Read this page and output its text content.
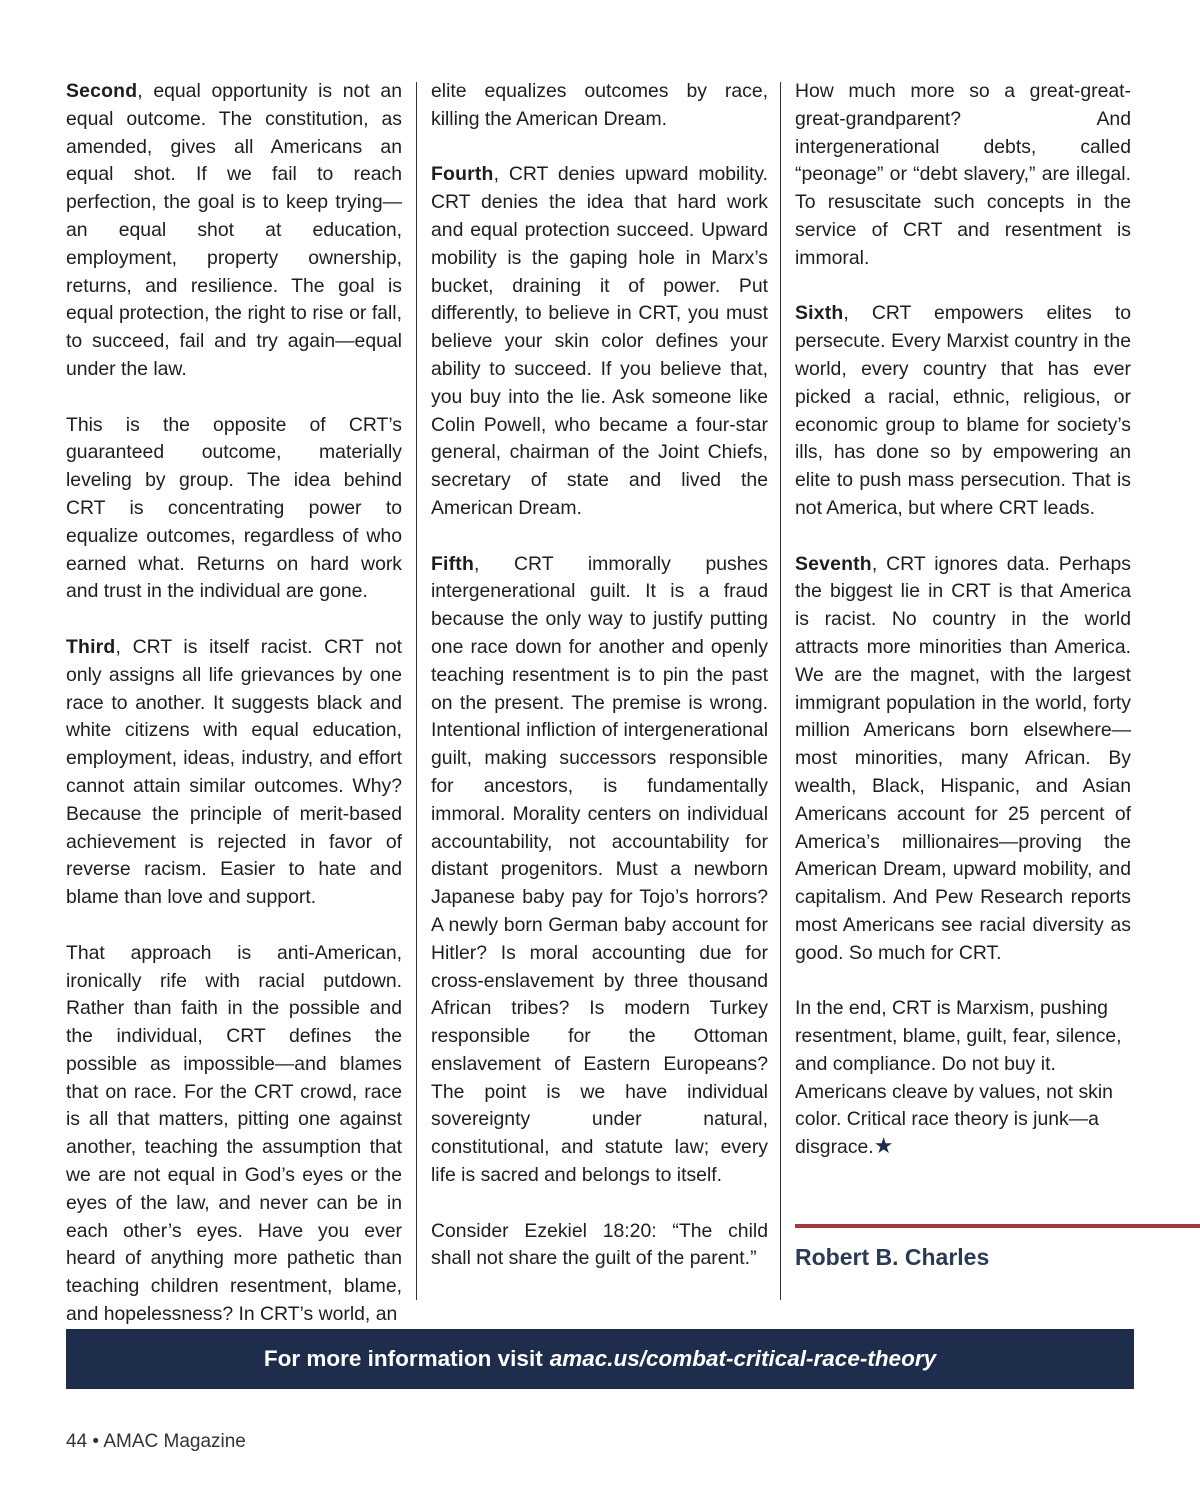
Second, equal opportunity is not an equal outcome. The constitution, as amended, gives all Americans an equal shot. If we fail to reach perfection, the goal is to keep trying—an equal shot at education, employment, property ownership, returns, and resilience. The goal is equal protection, the right to rise or fall, to succeed, fail and try again—equal under the law.

This is the opposite of CRT’s guaranteed outcome, materially leveling by group. The idea behind CRT is concentrating power to equalize outcomes, regardless of who earned what. Returns on hard work and trust in the individual are gone.

Third, CRT is itself racist. CRT not only assigns all life grievances by one race to another. It suggests black and white citizens with equal education, employment, ideas, industry, and effort cannot attain similar outcomes. Why? Because the principle of merit-based achievement is rejected in favor of reverse racism. Easier to hate and blame than love and support.

That approach is anti-American, ironically rife with racial putdown. Rather than faith in the possible and the individual, CRT defines the possible as impossible—and blames that on race. For the CRT crowd, race is all that matters, pitting one against another, teaching the assumption that we are not equal in God’s eyes or the eyes of the law, and never can be in each other’s eyes. Have you ever heard of anything more pathetic than teaching children resentment, blame, and hopelessness? In CRT’s world, an

elite equalizes outcomes by race, killing the American Dream.

Fourth, CRT denies upward mobility. CRT denies the idea that hard work and equal protection succeed. Upward mobility is the gaping hole in Marx’s bucket, draining it of power. Put differently, to believe in CRT, you must believe your skin color defines your ability to succeed. If you believe that, you buy into the lie. Ask someone like Colin Powell, who became a four-star general, chairman of the Joint Chiefs, secretary of state and lived the American Dream.

Fifth, CRT immorally pushes intergenerational guilt. It is a fraud because the only way to justify putting one race down for another and openly teaching resentment is to pin the past on the present. The premise is wrong. Intentional infliction of intergenerational guilt, making successors responsible for ancestors, is fundamentally immoral. Morality centers on individual accountability, not accountability for distant progenitors. Must a newborn Japanese baby pay for Tojo’s horrors? A newly born German baby account for Hitler? Is moral accounting due for cross-enslavement by three thousand African tribes? Is modern Turkey responsible for the Ottoman enslavement of Eastern Europeans? The point is we have individual sovereignty under natural, constitutional, and statute law; every life is sacred and belongs to itself.

Consider Ezekiel 18:20: “The child shall not share the guilt of the parent.”

How much more so a great-great-great-grandparent? And intergenerational debts, called “peonage” or “debt slavery,” are illegal. To resuscitate such concepts in the service of CRT and resentment is immoral.

Sixth, CRT empowers elites to persecute. Every Marxist country in the world, every country that has ever picked a racial, ethnic, religious, or economic group to blame for society’s ills, has done so by empowering an elite to push mass persecution. That is not America, but where CRT leads.

Seventh, CRT ignores data. Perhaps the biggest lie in CRT is that America is racist. No country in the world attracts more minorities than America. We are the magnet, with the largest immigrant population in the world, forty million Americans born elsewhere—most minorities, many African. By wealth, Black, Hispanic, and Asian Americans account for 25 percent of America’s millionaires—proving the American Dream, upward mobility, and capitalism. And Pew Research reports most Americans see racial diversity as good. So much for CRT.

In the end, CRT is Marxism, pushing resentment, blame, guilt, fear, silence, and compliance. Do not buy it. Americans cleave by values, not skin color. Critical race theory is junk—a disgrace.★

Robert B. Charles
For more information visit amac.us/combat-critical-race-theory
44 • AMAC Magazine
